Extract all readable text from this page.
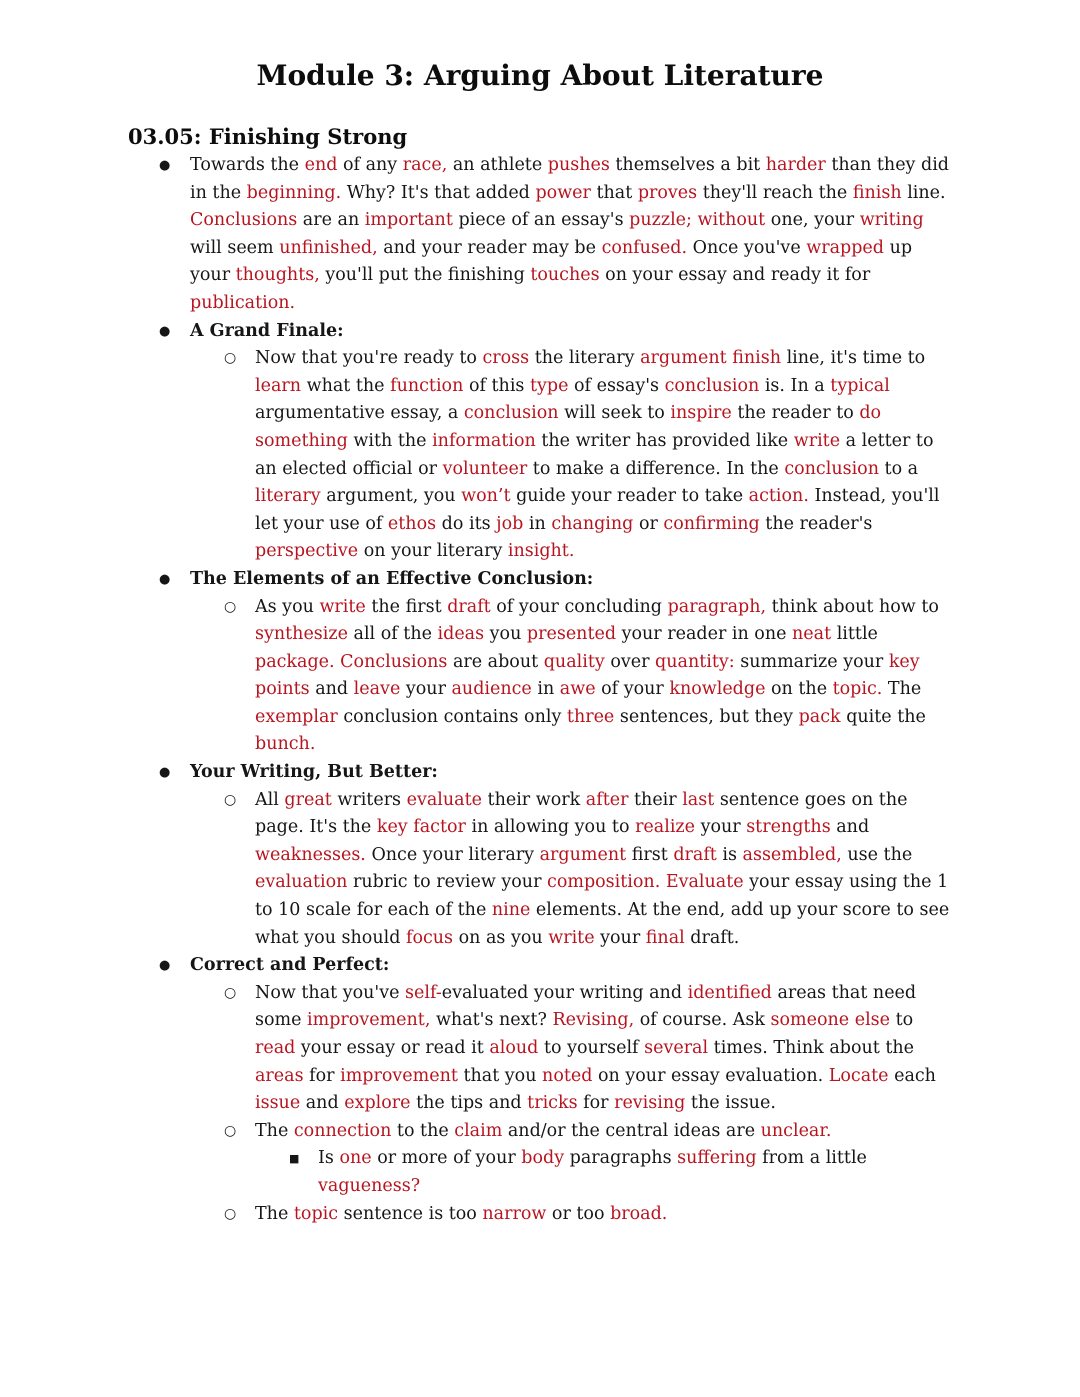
Module 3: Arguing About Literature
03.05: Finishing Strong
●	Towards the end of any race, an athlete pushes themselves a bit harder than they did in the beginning. Why? It's that added power that proves they'll reach the finish line. Conclusions are an important piece of an essay's puzzle; without one, your writing will seem unfinished, and your reader may be confused. Once you've wrapped up your thoughts, you'll put the finishing touches on your essay and ready it for publication.
●	A Grand Finale:
○	Now that you're ready to cross the literary argument finish line, it's time to learn what the function of this type of essay's conclusion is. In a typical argumentative essay, a conclusion will seek to inspire the reader to do something with the information the writer has provided like write a letter to an elected official or volunteer to make a difference. In the conclusion to a literary argument, you won’t guide your reader to take action. Instead, you'll let your use of ethos do its job in changing or confirming the reader's perspective on your literary insight.
●	The Elements of an Effective Conclusion:
○	As you write the first draft of your concluding paragraph, think about how to synthesize all of the ideas you presented your reader in one neat little package. Conclusions are about quality over quantity: summarize your key points and leave your audience in awe of your knowledge on the topic. The exemplar conclusion contains only three sentences, but they pack quite the bunch.
●	Your Writing, But Better:
○	All great writers evaluate their work after their last sentence goes on the page. It's the key factor in allowing you to realize your strengths and weaknesses. Once your literary argument first draft is assembled, use the evaluation rubric to review your composition. Evaluate your essay using the 1 to 10 scale for each of the nine elements. At the end, add up your score to see what you should focus on as you write your final draft.
●	Correct and Perfect:
○	Now that you've self-evaluated your writing and identified areas that need some improvement, what's next? Revising, of course. Ask someone else to read your essay or read it aloud to yourself several times. Think about the areas for improvement that you noted on your essay evaluation. Locate each issue and explore the tips and tricks for revising the issue.
○	The connection to the claim and/or the central ideas are unclear.
■	Is one or more of your body paragraphs suffering from a little vagueness?
○	The topic sentence is too narrow or too broad.
